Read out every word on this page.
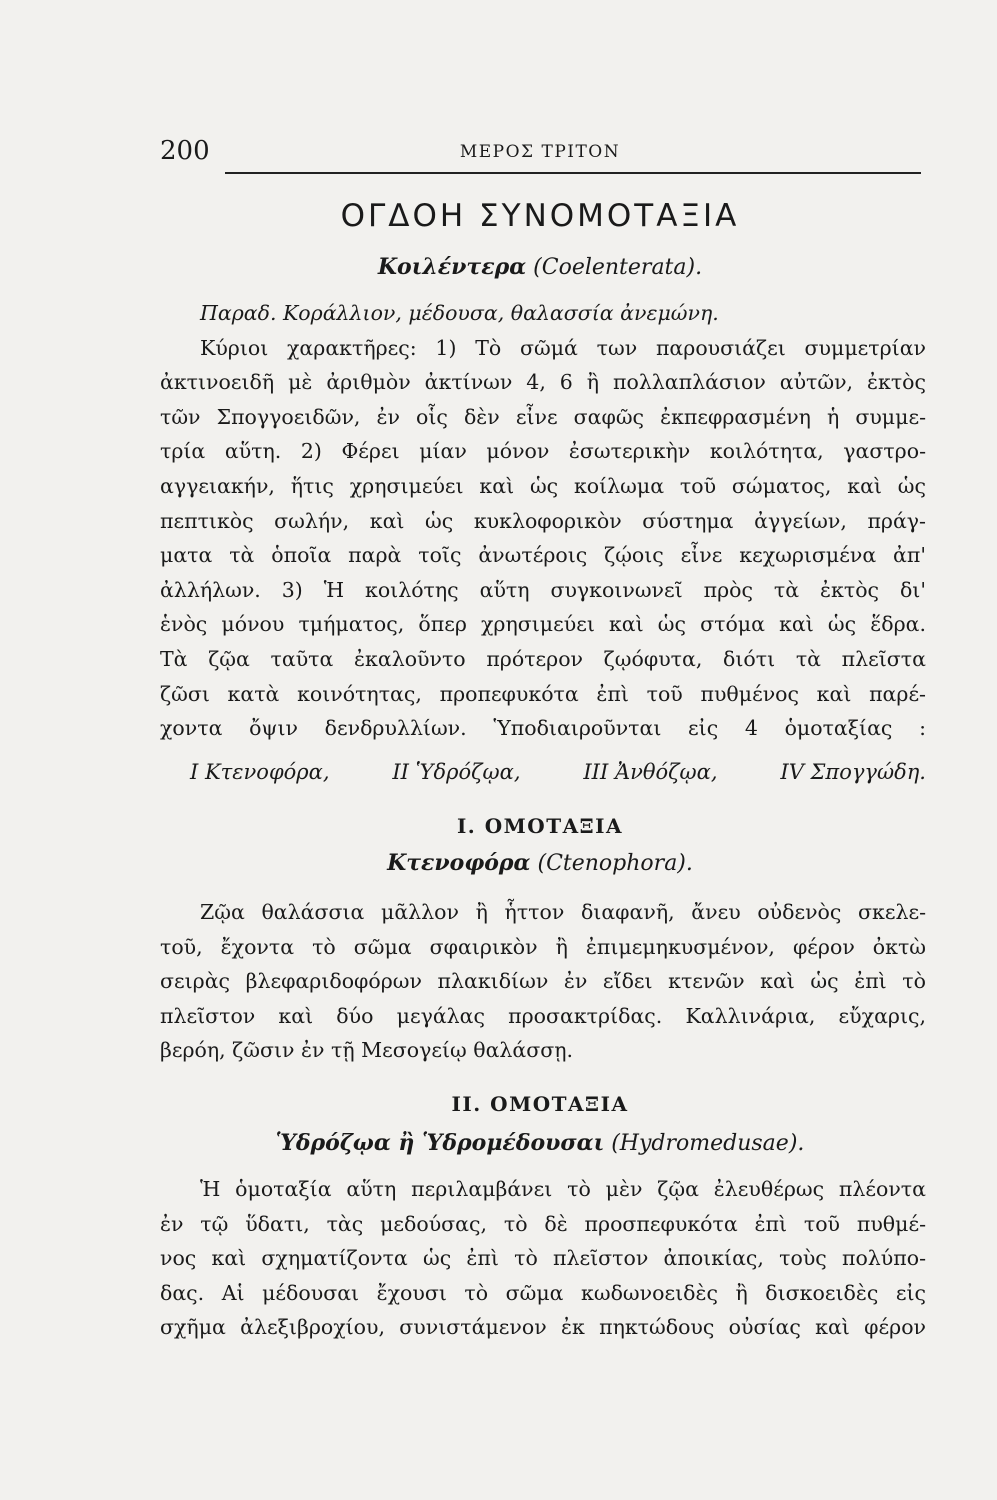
200	ΜΕΡΟΣ ΤΡΙΤΟΝ
ΟΓΔΟΗ ΣΥΝΟΜΟΤΑΞΙΑ
Κοιλέντερα (Coelenterata).
Παραδ. Κοράλλιον, μέδουσα, θαλασσία ἀνεμώνη.
Κύριοι χαρακτῆρες: 1) Τὸ σῶμά των παρουσιάζει συμμετρίαν
ἀκτινοειδῆ μὲ ἀριθμὸν ἀκτίνων 4, 6 ἢ πολλαπλάσιον αὐτῶν, ἐκτὸς
τῶν Σπογγοειδῶν, ἐν οἷς δὲν εἶνε σαφῶς ἐκπεφρασμένη ἡ συμμε-
τρία αὕτη. 2) Φέρει μίαν μόνον ἐσωτερικὴν κοιλότητα, γαστρο-
αγγειακήν, ἥτις χρησιμεύει καὶ ὡς κοίλωμα τοῦ σώματος, καὶ ὡς
πεπτικὸς σωλήν, καὶ ὡς κυκλοφορικὸν σύστημα ἀγγείων, πράγ-
ματα τὰ ὁποῖα παρὰ τοῖς ἀνωτέροις ζῴοις εἶνε κεχωρισμένα ἀπ'
ἀλλήλων. 3) Ἡ κοιλότης αὕτη συγκοινωνεῖ πρὸς τὰ ἐκτὸς δι'
ἑνὸς μόνου τμήματος, ὅπερ χρησιμεύει καὶ ὡς στόμα καὶ ὡς ἕδρα.
Τὰ ζῷα ταῦτα ἐκαλοῦντο πρότερον ζῳόφυτα, διότι τὰ πλεῖστα
ζῶσι κατὰ κοινότητας, προπεφυκότα ἐπὶ τοῦ πυθμένος καὶ παρέ-
χοντα ὄψιν δενδρυλλίων. Ὑποδιαιροῦνται εἰς 4 ὁμοταξίας :
I Κτενοφόρα,	II Ὑδρόζῳα,	III Ἀνθόζῳα,	IV Σπογγώδη.
I. ΟΜΟΤΑΞΙΑ
Κτενοφόρα (Ctenophora).
Ζῷα θαλάσσια μᾶλλον ἢ ἧττον διαφανῆ, ἄνευ οὐδενὸς σκελε-
τοῦ, ἔχοντα τὸ σῶμα σφαιρικὸν ἢ ἐπιμεμηκυσμένον, φέρον ὀκτὼ
σειρὰς βλεφαριδοφόρων πλακιδίων ἐν εἴδει κτενῶν καὶ ὡς ἐπὶ τὸ
πλεῖστον καὶ δύο μεγάλας προσακτρίδας. Καλλινάρια, εὔχαρις,
βερόη, ζῶσιν ἐν τῇ Μεσογείῳ θαλάσσῃ.
II. ΟΜΟΤΑΞΙΑ
Ὑδρόζῳα ἢ Ὑδρομέδουσαι (Hydromedusae).
Ἡ ὁμοταξία αὕτη περιλαμβάνει τὸ μὲν ζῷα ἐλευθέρως πλέοντα
ἐν τῷ ὕδατι, τὰς μεδούσας, τὸ δὲ προσπεφυκότα ἐπὶ τοῦ πυθμέ-
νος καὶ σχηματίζοντα ὡς ἐπὶ τὸ πλεῖστον ἀποικίας, τοὺς πολύπο-
δας. Αἱ μέδουσαι ἔχουσι τὸ σῶμα κωδωνοειδὲς ἢ δισκοειδὲς εἰς
σχῆμα ἀλεξιβροχίου, συνιστάμενον ἐκ πηκτώδους οὐσίας καὶ φέρον
